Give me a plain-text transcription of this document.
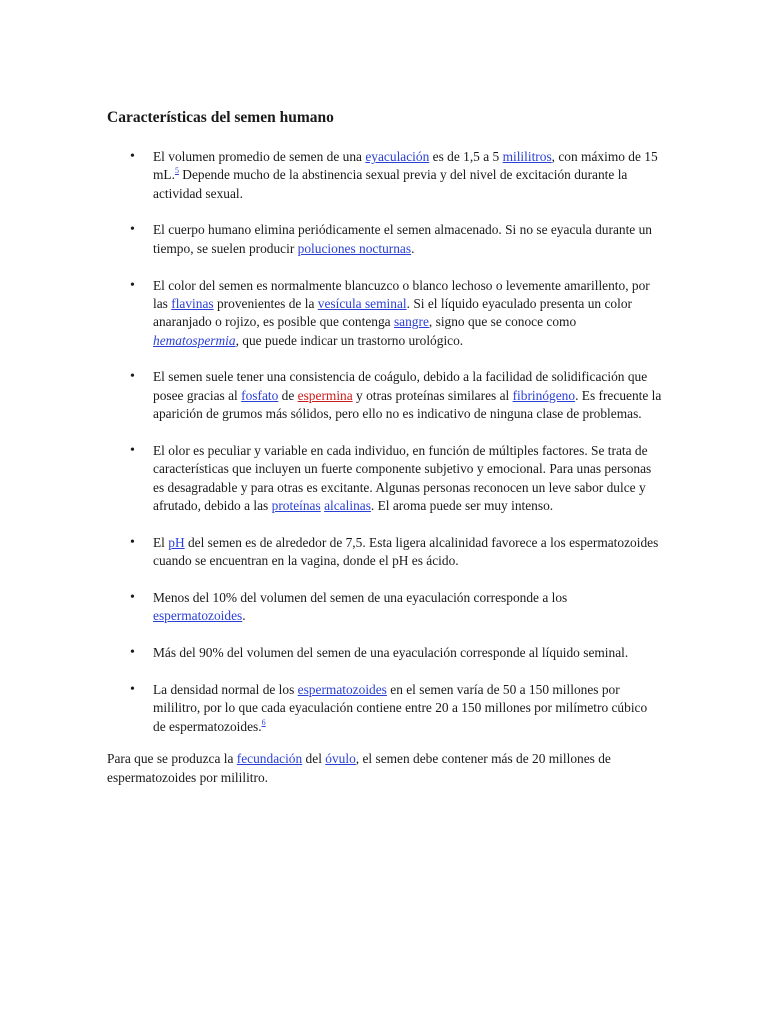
Características del semen humano
• El volumen promedio de semen de una eyaculación es de 1,5 a 5 mililitros, con máximo de 15 mL.$^5$ Depende mucho de la abstinencia sexual previa y del nivel de excitación durante la actividad sexual.
• El cuerpo humano elimina periódicamente el semen almacenado. Si no se eyacula durante un tiempo, se suelen producir poluciones nocturnas.
• El color del semen es normalmente blancuzco o blanco lechoso o levemente amarillento, por las flavinas provenientes de la vesícula seminal. Si el líquido eyaculado presenta un color anaranjado o rojizo, es posible que contenga sangre, signo que se conoce como hematospermia, que puede indicar un trastorno urológico.
• El semen suele tener una consistencia de coágulo, debido a la facilidad de solidificación que posee gracias al fosfato de espermina y otras proteínas similares al fibrinógeno. Es frecuente la aparición de grumos más sólidos, pero ello no es indicativo de ninguna clase de problemas.
• El olor es peculiar y variable en cada individuo, en función de múltiples factores. Se trata de características que incluyen un fuerte componente subjetivo y emocional. Para unas personas es desagradable y para otras es excitante. Algunas personas reconocen un leve sabor dulce y afrutado, debido a las proteínas alcalinas. El aroma puede ser muy intenso.
• El pH del semen es de alrededor de 7,5. Esta ligera alcalinidad favorece a los espermatozoides cuando se encuentran en la vagina, donde el pH es ácido.
• Menos del 10% del volumen del semen de una eyaculación corresponde a los espermatozoides.
• Más del 90% del volumen del semen de una eyaculación corresponde al líquido seminal.
• La densidad normal de los espermatozoides en el semen varía de 50 a 150 millones por mililitro, por lo que cada eyaculación contiene entre 20 a 150 millones por milímetro cúbico de espermatozoides.$^6$

Para que se produzca la fecundación del óvulo, el semen debe contener más de 20 millones de espermatozoides por mililitro.
